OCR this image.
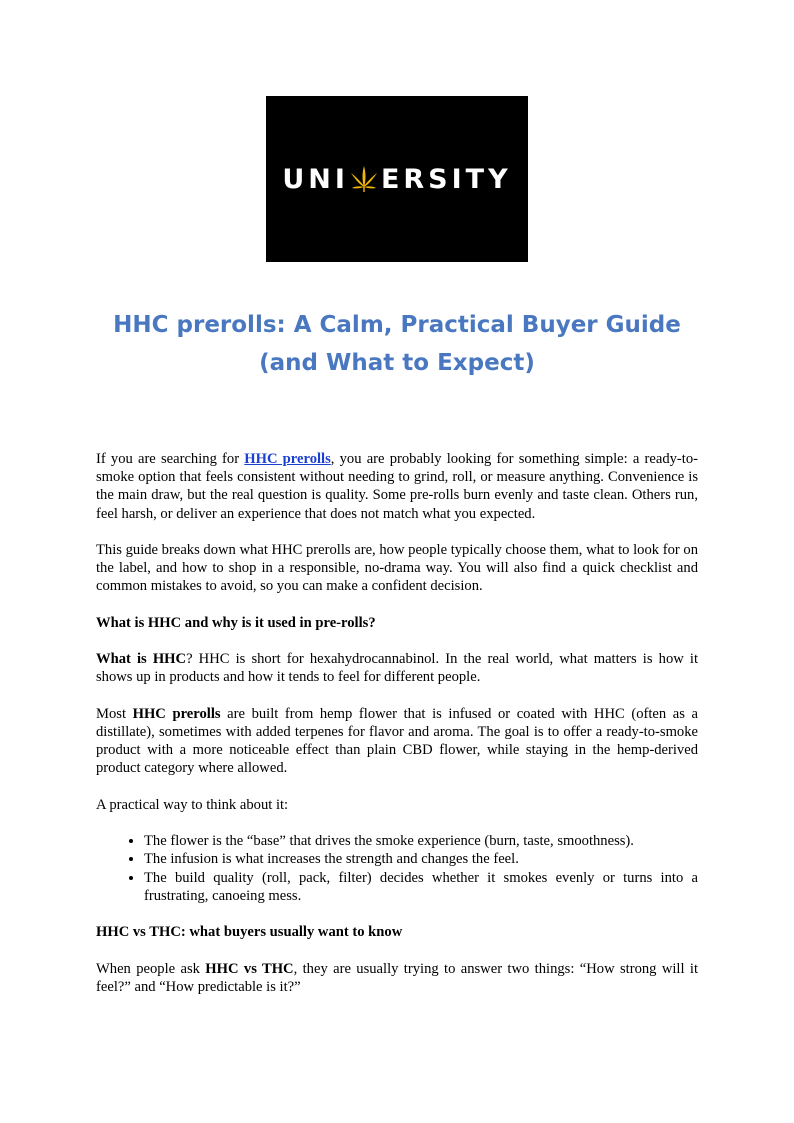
UNI ERSITY
HHC prerolls: A Calm, Practical Buyer Guide (and What to Expect)

If you are searching for HHC prerolls, you are probably looking for something simple: a ready-to-smoke option that feels consistent without needing to grind, roll, or measure anything. Convenience is the main draw, but the real question is quality. Some pre-rolls burn evenly and taste clean. Others run, feel harsh, or deliver an experience that does not match what you expected.

This guide breaks down what HHC prerolls are, how people typically choose them, what to look for on the label, and how to shop in a responsible, no-drama way. You will also find a quick checklist and common mistakes to avoid, so you can make a confident decision.

What is HHC and why is it used in pre-rolls?

What is HHC? HHC is short for hexahydrocannabinol. In the real world, what matters is how it shows up in products and how it tends to feel for different people.

Most HHC prerolls are built from hemp flower that is infused or coated with HHC (often as a distillate), sometimes with added terpenes for flavor and aroma. The goal is to offer a ready-to-smoke product with a more noticeable effect than plain CBD flower, while staying in the hemp-derived product category where allowed.

A practical way to think about it:

• The flower is the “base” that drives the smoke experience (burn, taste, smoothness).
• The infusion is what increases the strength and changes the feel.
• The build quality (roll, pack, filter) decides whether it smokes evenly or turns into a frustrating, canoeing mess.
HHC vs THC: what buyers usually want to know

When people ask HHC vs THC, they are usually trying to answer two things: “How strong will it feel?” and “How predictable is it?”
